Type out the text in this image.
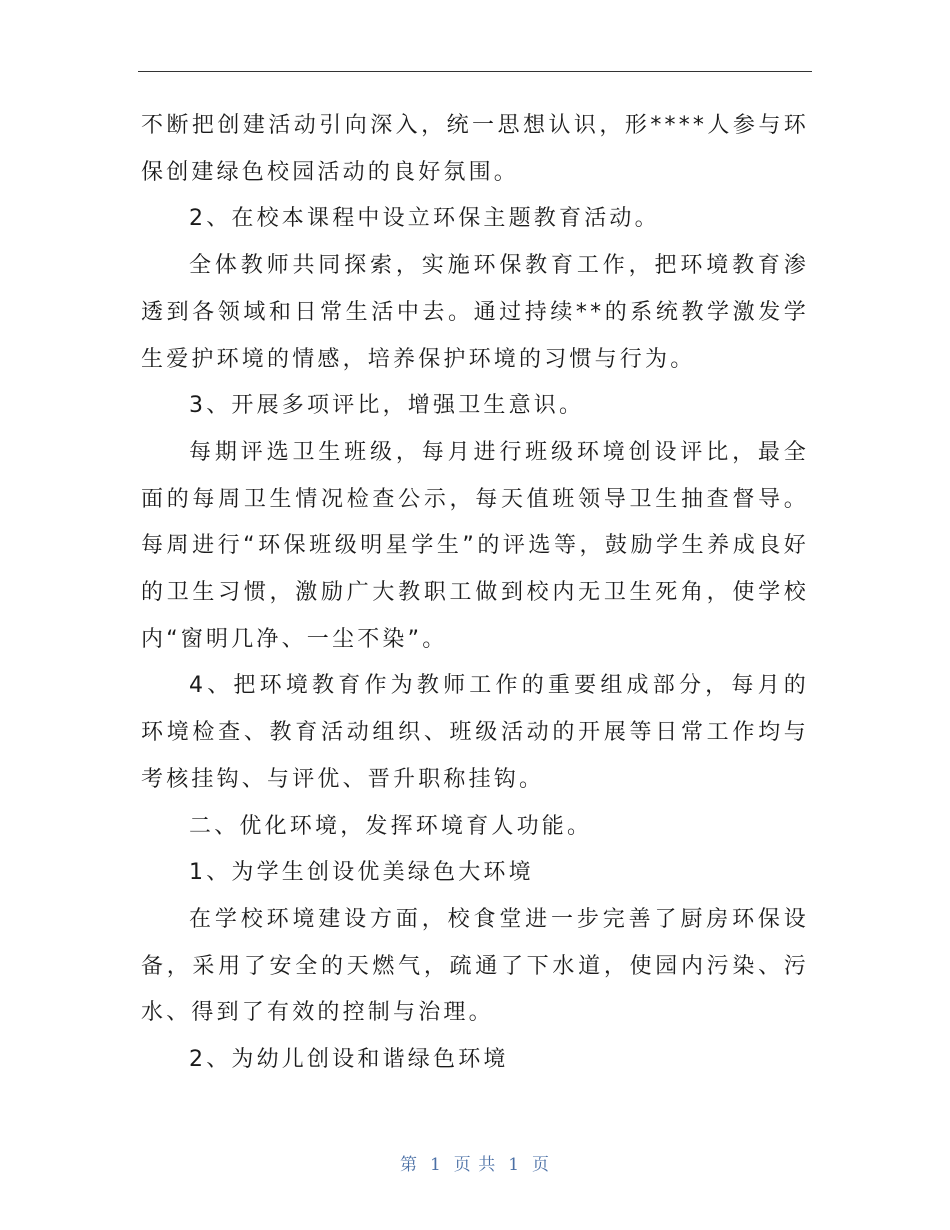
不断把创建活动引向深入，统一思想认识，形****人参与环保创建绿色校园活动的良好氛围。

2、在校本课程中设立环保主题教育活动。

全体教师共同探索，实施环保教育工作，把环境教育渗透到各领域和日常生活中去。通过持续**的系统教学激发学生爱护环境的情感，培养保护环境的习惯与行为。

3、开展多项评比，增强卫生意识。

每期评选卫生班级，每月进行班级环境创设评比，最全面的每周卫生情况检查公示，每天值班领导卫生抽查督导。每周进行“环保班级明星学生”的评选等，鼓励学生养成良好的卫生习惯，激励广大教职工做到校内无卫生死角，使学校内“窗明几净、一尘不染”。

4、把环境教育作为教师工作的重要组成部分，每月的环境检查、教育活动组织、班级活动的开展等日常工作均与考核挂钩、与评优、晋升职称挂钩。

二、优化环境，发挥环境育人功能。

1、为学生创设优美绿色大环境

在学校环境建设方面，校食堂进一步完善了厨房环保设备，采用了安全的天燃气，疏通了下水道，使园内污染、污水、得到了有效的控制与治理。

2、为幼儿创设和谐绿色环境

第 1 页 共 1 页
